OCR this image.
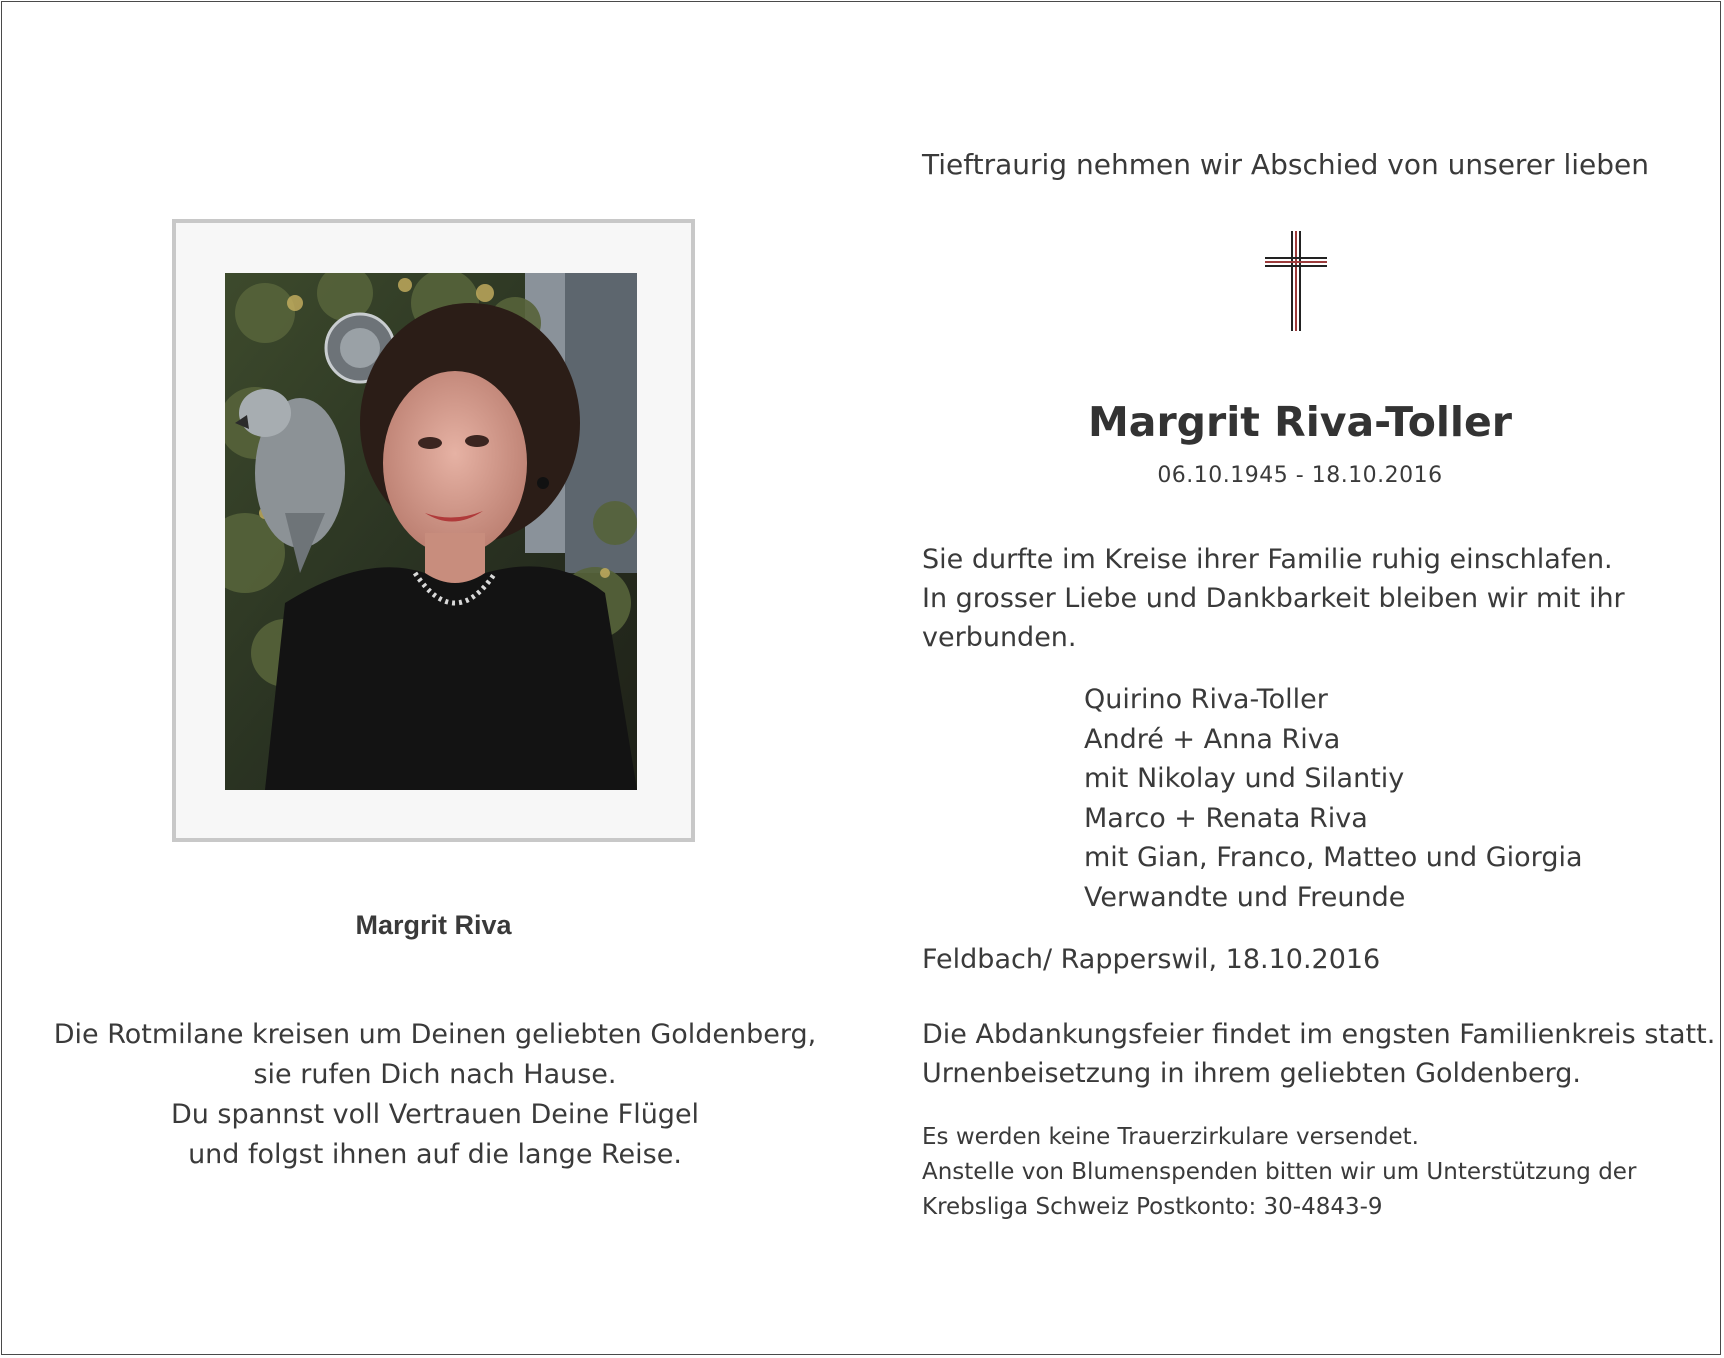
Margrit Riva
Die Rotmilane kreisen um Deinen geliebten Goldenberg,
sie rufen Dich nach Hause.
Du spannst voll Vertrauen Deine Flügel
und folgst ihnen auf die lange Reise.
Tieftraurig nehmen wir Abschied von unserer lieben
Margrit Riva-Toller
06.10.1945 - 18.10.2016
Sie durfte im Kreise ihrer Familie ruhig einschlafen.
In grosser Liebe und Dankbarkeit bleiben wir mit ihr
verbunden.
Quirino Riva-Toller
André + Anna Riva
mit Nikolay und Silantiy
Marco + Renata Riva
mit Gian, Franco, Matteo und Giorgia
Verwandte und Freunde
Feldbach/ Rapperswil, 18.10.2016
Die Abdankungsfeier findet im engsten Familienkreis statt.
Urnenbeisetzung in ihrem geliebten Goldenberg.
Es werden keine Trauerzirkulare versendet.
Anstelle von Blumenspenden bitten wir um Unterstützung der
Krebsliga Schweiz Postkonto: 30-4843-9
